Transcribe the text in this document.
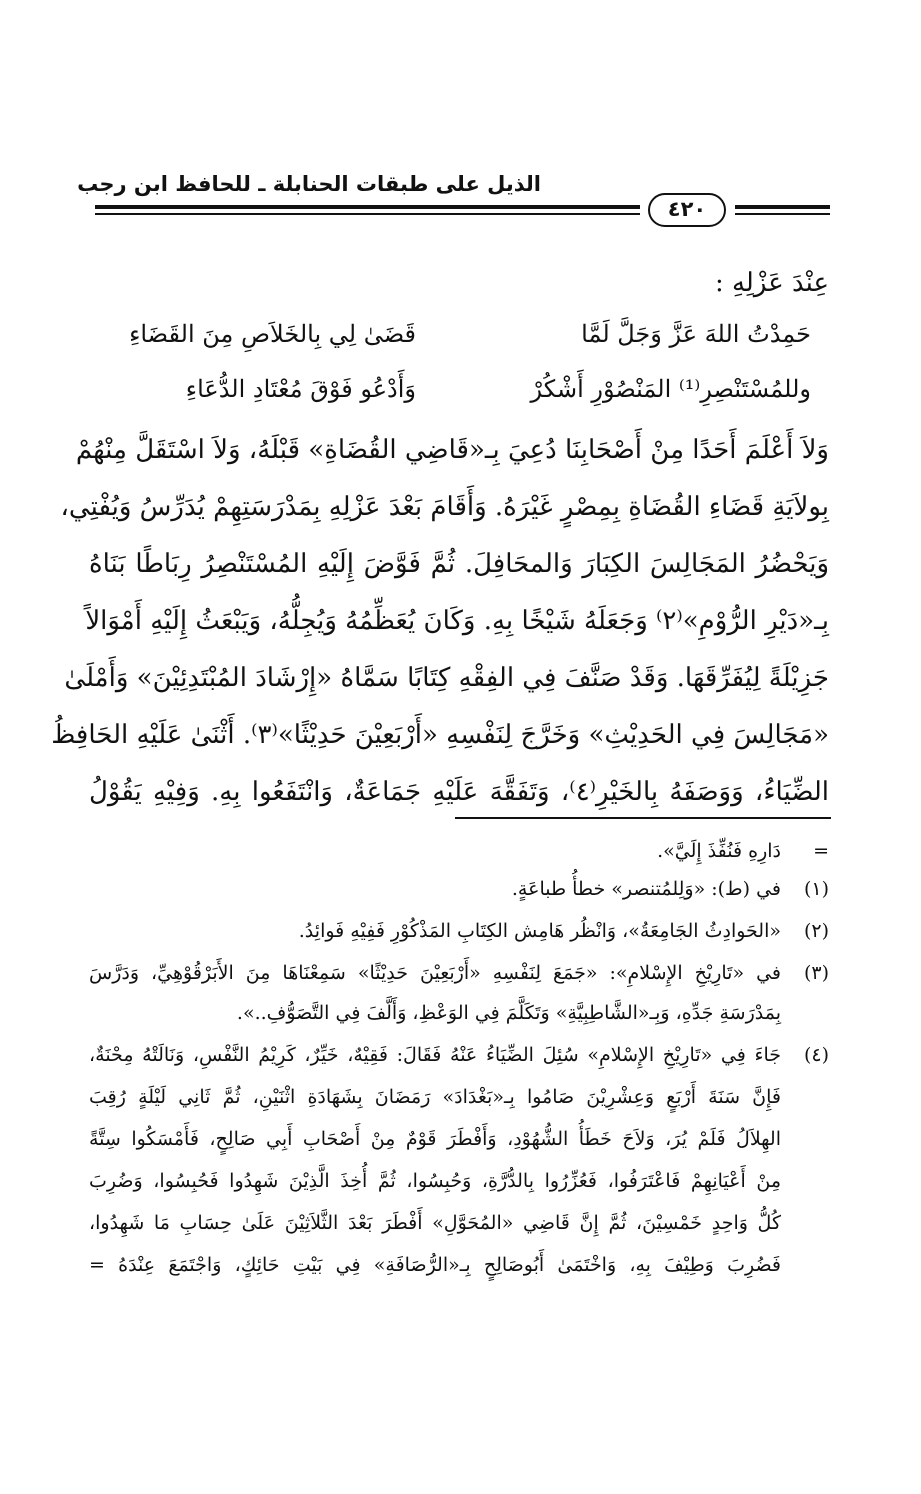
الذيل على طبقات الحنابلة ـ للحافظ ابن رجب
٤٢٠
عِنْدَ عَزْلِهِ :
حَمِدْتُ اللهَ عَزَّ وَجَلَّ لَمَّا
قَضَىٰ لِي بِالخَلاَصِ مِنَ القَضَاءِ
وللمُسْتَنْصِرِ⁽¹⁾ المَنْصُوْرِ أَشْكُرْ
وَأَدْعُو فَوْقَ مُعْتَادِ الدُّعَاءِ
وَلاَ أَعْلَمَ أَحَدًا مِنْ أَصْحَابِنَا دُعِيَ بِـ«قَاضِي القُضَاةِ» قَبْلَهُ، وَلاَ اسْتَقَلَّ مِنْهُمْ
بِولاَيَةِ قَضَاءِ القُضَاةِ بِمِصْرٍ غَيْرَهُ. وَأَقَامَ بَعْدَ عَزْلِهِ بِمَدْرَسَتِهِمْ يُدَرِّسُ وَيُفْتِي،
وَيَحْضُرُ المَجَالِسَ الكِبَارَ وَالمحَافِلَ. ثُمَّ فَوَّضَ إِلَيْهِ المُسْتَنْصِرُ رِبَاطًا بَنَاهُ
بِـ«دَيْرِ الرُّوْمِ»⁽٢⁾ وَجَعَلَهُ شَيْخًا بِهِ. وَكَانَ يُعَظِّمُهُ وَيُجِلُّهُ، وَيَبْعَثُ إِلَيْهِ أَمْوَالاً
جَزِيْلَةً لِيُفَرِّقَهَا. وَقَدْ صَنَّفَ فِي الفِقْهِ كِتَابًا سَمَّاهُ «إِرْشَادَ المُبْتَدِئِيْنَ» وَأَمْلَىٰ
«مَجَالِسَ فِي الحَدِيْثِ» وَخَرَّجَ لِنَفْسِهِ «أَرْبَعِيْنَ حَدِيْثًا»⁽٣⁾. أَثْنَىٰ عَلَيْهِ الحَافِظُ
الضِّيَاءُ، وَوَصَفَهُ بِالخَيْرِ⁽٤⁾، وَتَفَقَّهَ عَلَيْهِ جَمَاعَةٌ، وَانْتَفَعُوا بِهِ. وَفِيْهِ يَقُوْلُ
=
دَارِهِ فَنُفِّذَ إِلَيَّ».
(١)
في (ط): «وَلِلمُتنصر» خطأُ طباعَةٍ.
(٢)
«الحَوادِثُ الجَامِعَةُ»، وَانْظُر هَامِش الكِتَابِ المَذْكُوْرِ فَفِيْهِ فَوائِدُ.
(٣)
في «تَارِيْخِ الإِسْلامِ»: «جَمَعَ لِنَفْسِهِ «أَرْبَعِيْنَ حَدِيْثًا» سَمِعْنَاهَا مِنَ الأَبَرْقُوْهِيِّ، وَدَرَّسَ
بِمَدْرَسَةِ جَدِّهِ، وَبِـ«الشَّاطِبِيَّةِ» وَتَكَلَّمَ فِي الوَعْظِ، وَأَلَّفَ فِي التَّصَوُّفِ..».
(٤)
جَاءَ فِي «تَارِيْخِ الإِسْلامِ» سُئِلَ الضِّيَاءُ عَنْهُ فَقَالَ: فَقِيْهٌ، خَيِّرٌ، كَرِيْمُ النَّفْسِ، وَنَالَتْهُ مِحْنَةٌ،
فَإِنَّ سَنَةَ أَرْبَعٍ وَعِشْرِيْنَ صَامُوا بِـ«بَغْدَادَ» رَمَضَانَ بِشَهَادَةِ اثْنَيْنِ، ثُمَّ ثَانِي لَيْلَةٍ رُقِبَ
الهِلاَلُ فَلَمْ يُرَ، وَلاَحَ خَطَأُ الشُّهُوْدِ، وَأَفْطَرَ قَوْمٌ مِنْ أَصْحَابِ أَبِي صَالِحٍ، فَأَمْسَكُوا سِتَّةً
مِنْ أَعْيَانِهِمْ فَاعْتَرَفُوا، فَعُزِّرُوا بِالدُّرَّةِ، وَحُبِسُوا، ثُمَّ أُخِذَ الَّذِيْنَ شَهِدُوا فَحُبِسُوا، وَضُرِبَ
كُلُّ وَاحِدٍ خَمْسِيْنَ، ثُمَّ إِنَّ قَاضِي «المُحَوَّلِ» أَفْطَرَ بَعْدَ الثَّلاَثِيْنَ عَلَىٰ حِسَابِ مَا شَهِدُوا،
فَضُرِبَ وَطِيْفَ بِهِ، وَاخْتَمَىٰ أَبُوصَالِحٍ بِـ«الرُّصَافَةِ» فِي بَيْتِ حَائِكٍ، وَاجْتَمَعَ عِنْدَهُ =
